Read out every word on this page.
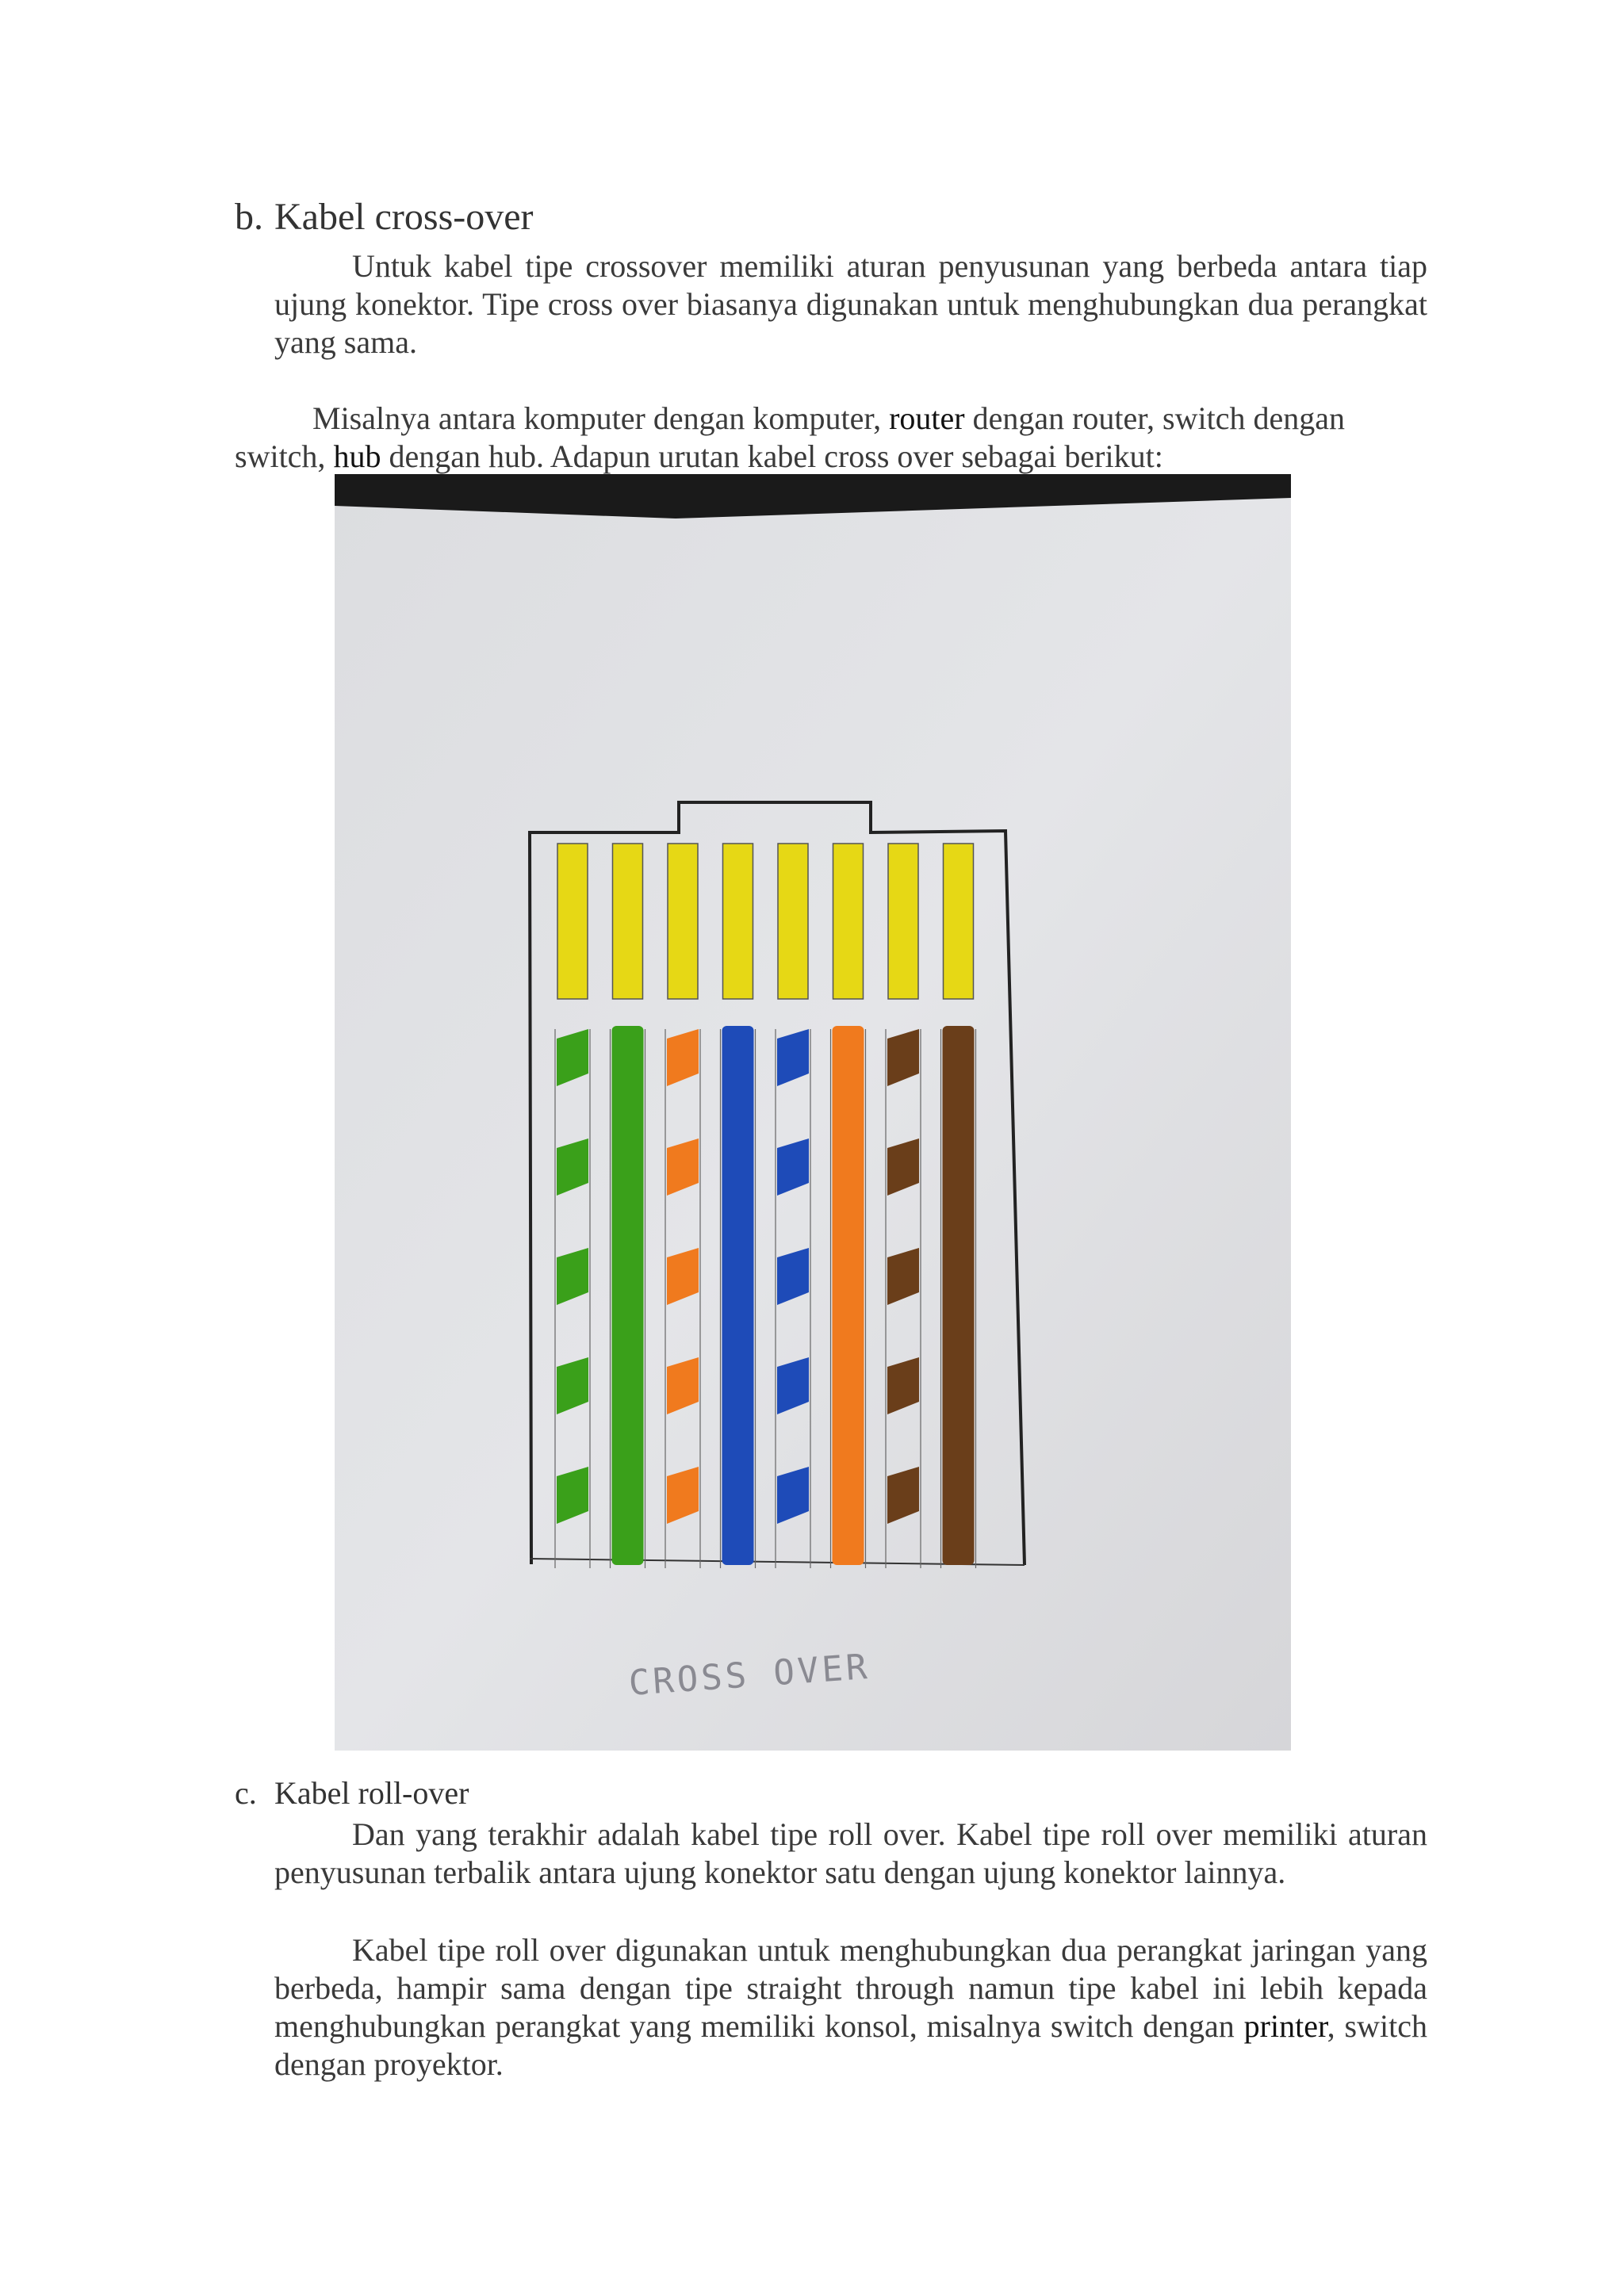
b. Kabel cross-over
Untuk kabel tipe crossover memiliki aturan penyusunan yang berbeda antara tiap ujung konektor. Tipe cross over biasanya digunakan untuk menghubungkan dua perangkat yang sama.
Misalnya antara komputer dengan komputer, router dengan router, switch dengan switch, hub dengan hub. Adapun urutan kabel cross over sebagai berikut:
CROSS OVER
c. Kabel roll-over
Dan yang terakhir adalah kabel tipe roll over. Kabel tipe roll over memiliki aturan penyusunan terbalik antara ujung konektor satu dengan ujung konektor lainnya.
Kabel tipe roll over digunakan untuk menghubungkan dua perangkat jaringan yang berbeda, hampir sama dengan tipe straight through namun tipe kabel ini lebih kepada menghubungkan perangkat yang memiliki konsol, misalnya switch dengan printer, switch dengan proyektor.
